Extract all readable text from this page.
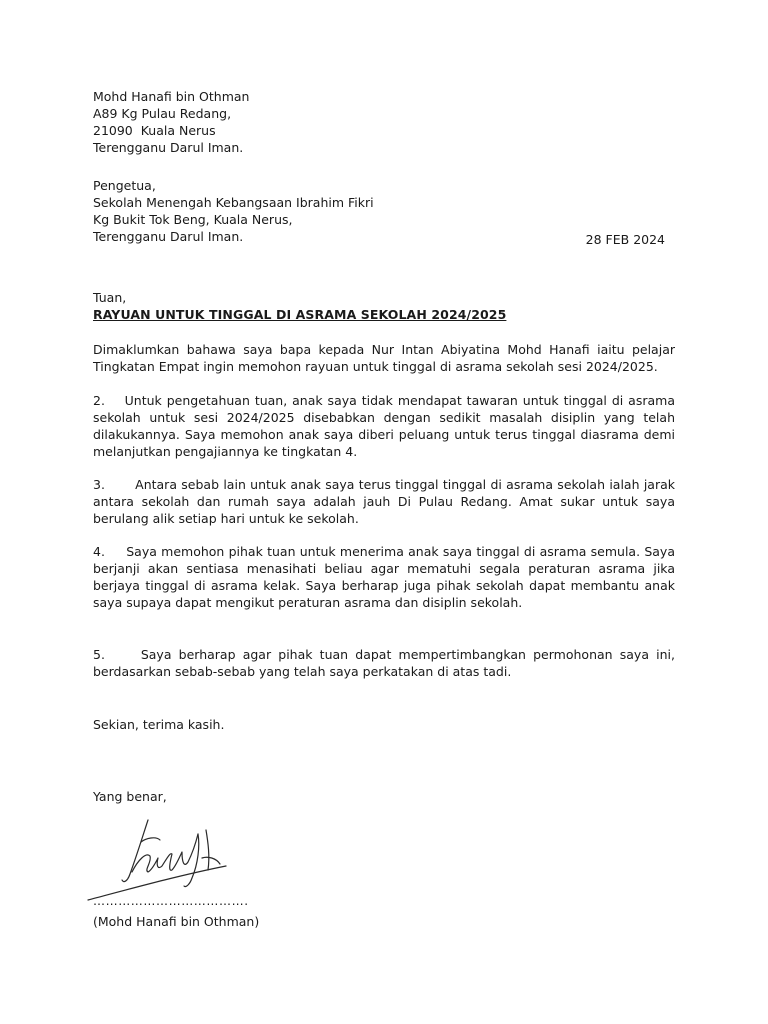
Mohd Hanafi bin Othman
A89 Kg Pulau Redang,
21090  Kuala Nerus
Terengganu Darul Iman.
Pengetua,
Sekolah Menengah Kebangsaan Ibrahim Fikri
Kg Bukit Tok Beng, Kuala Nerus,
Terengganu Darul Iman.	28 FEB 2024
Tuan,
RAYUAN UNTUK TINGGAL DI ASRAMA SEKOLAH 2024/2025
Dimaklumkan bahawa saya bapa kepada Nur Intan Abiyatina Mohd Hanafi iaitu pelajar Tingkatan Empat ingin memohon rayuan untuk tinggal di asrama sekolah sesi 2024/2025.
2.    Untuk pengetahuan tuan, anak saya tidak mendapat tawaran untuk tinggal di asrama sekolah untuk sesi 2024/2025 disebabkan dengan sedikit masalah disiplin yang telah dilakukannya. Saya memohon anak saya diberi peluang untuk terus tinggal diasrama demi melanjutkan pengajiannya ke tingkatan 4.
3.       Antara sebab lain untuk anak saya terus tinggal tinggal di asrama sekolah ialah jarak antara sekolah dan rumah saya adalah jauh Di Pulau Redang. Amat sukar untuk saya berulang alik setiap hari untuk ke sekolah.
4.     Saya memohon pihak tuan untuk menerima anak saya tinggal di asrama semula. Saya berjanji akan sentiasa menasihati beliau agar mematuhi segala peraturan asrama jika berjaya tinggal di asrama kelak. Saya berharap juga pihak sekolah dapat membantu anak saya supaya dapat mengikut peraturan asrama dan disiplin sekolah.
5.     Saya berharap agar pihak tuan dapat mempertimbangkan permohonan saya ini, berdasarkan sebab-sebab yang telah saya perkatakan di atas tadi.
Sekian, terima kasih.
Yang benar,
……………………………….
(Mohd Hanafi bin Othman)
